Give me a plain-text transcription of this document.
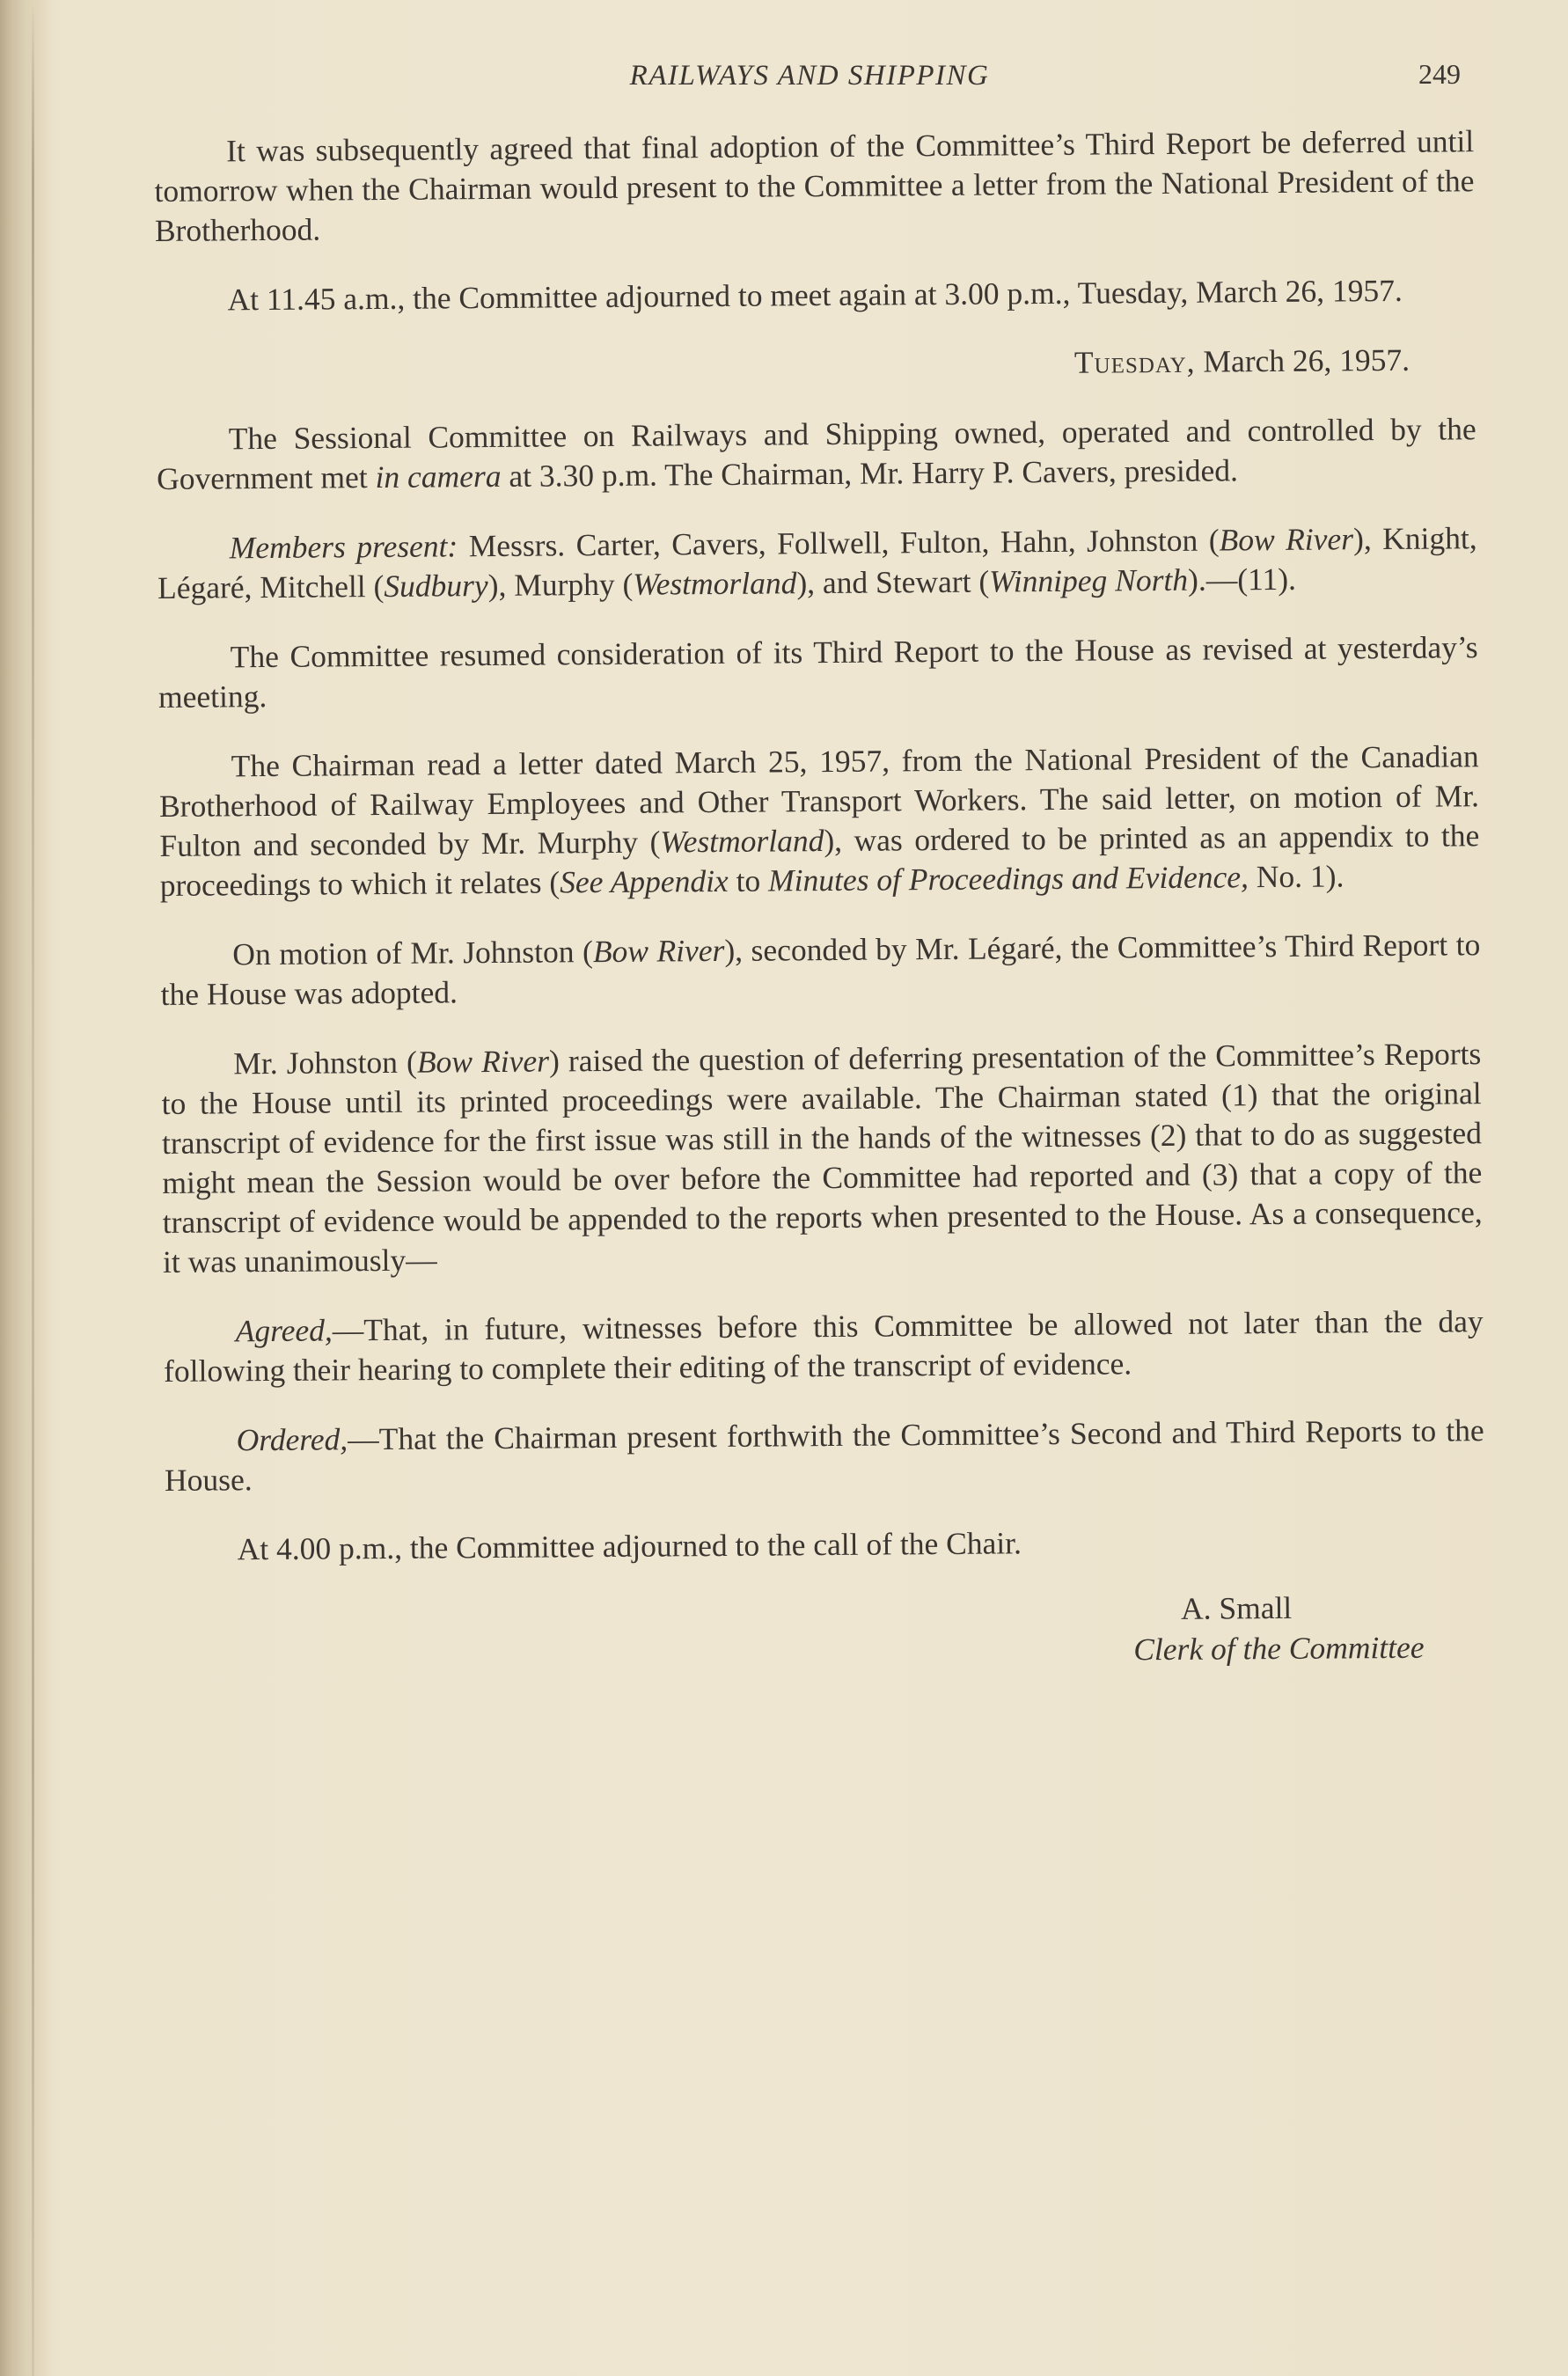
RAILWAYS AND SHIPPING	249

It was subsequently agreed that final adoption of the Committee’s Third Report be deferred until tomorrow when the Chairman would present to the Committee a letter from the National President of the Brotherhood.

At 11.45 a.m., the Committee adjourned to meet again at 3.00 p.m., Tuesday, March 26, 1957.

Tuesday, March 26, 1957.

The Sessional Committee on Railways and Shipping owned, operated and controlled by the Government met in camera at 3.30 p.m. The Chairman, Mr. Harry P. Cavers, presided.

Members present: Messrs. Carter, Cavers, Follwell, Fulton, Hahn, Johnston (Bow River), Knight, Légaré, Mitchell (Sudbury), Murphy (Westmorland), and Stewart (Winnipeg North).—(11).

The Committee resumed consideration of its Third Report to the House as revised at yesterday’s meeting.

The Chairman read a letter dated March 25, 1957, from the National President of the Canadian Brotherhood of Railway Employees and Other Transport Workers. The said letter, on motion of Mr. Fulton and seconded by Mr. Murphy (Westmorland), was ordered to be printed as an appendix to the proceedings to which it relates (See Appendix to Minutes of Proceedings and Evidence, No. 1).

On motion of Mr. Johnston (Bow River), seconded by Mr. Légaré, the Committee’s Third Report to the House was adopted.

Mr. Johnston (Bow River) raised the question of deferring presentation of the Committee’s Reports to the House until its printed proceedings were available. The Chairman stated (1) that the original transcript of evidence for the first issue was still in the hands of the witnesses (2) that to do as suggested might mean the Session would be over before the Committee had reported and (3) that a copy of the transcript of evidence would be appended to the reports when presented to the House. As a consequence, it was unanimously—

Agreed,—That, in future, witnesses before this Committee be allowed not later than the day following their hearing to complete their editing of the transcript of evidence.

Ordered,—That the Chairman present forthwith the Committee’s Second and Third Reports to the House.

At 4.00 p.m., the Committee adjourned to the call of the Chair.

A. Small
Clerk of the Committee
